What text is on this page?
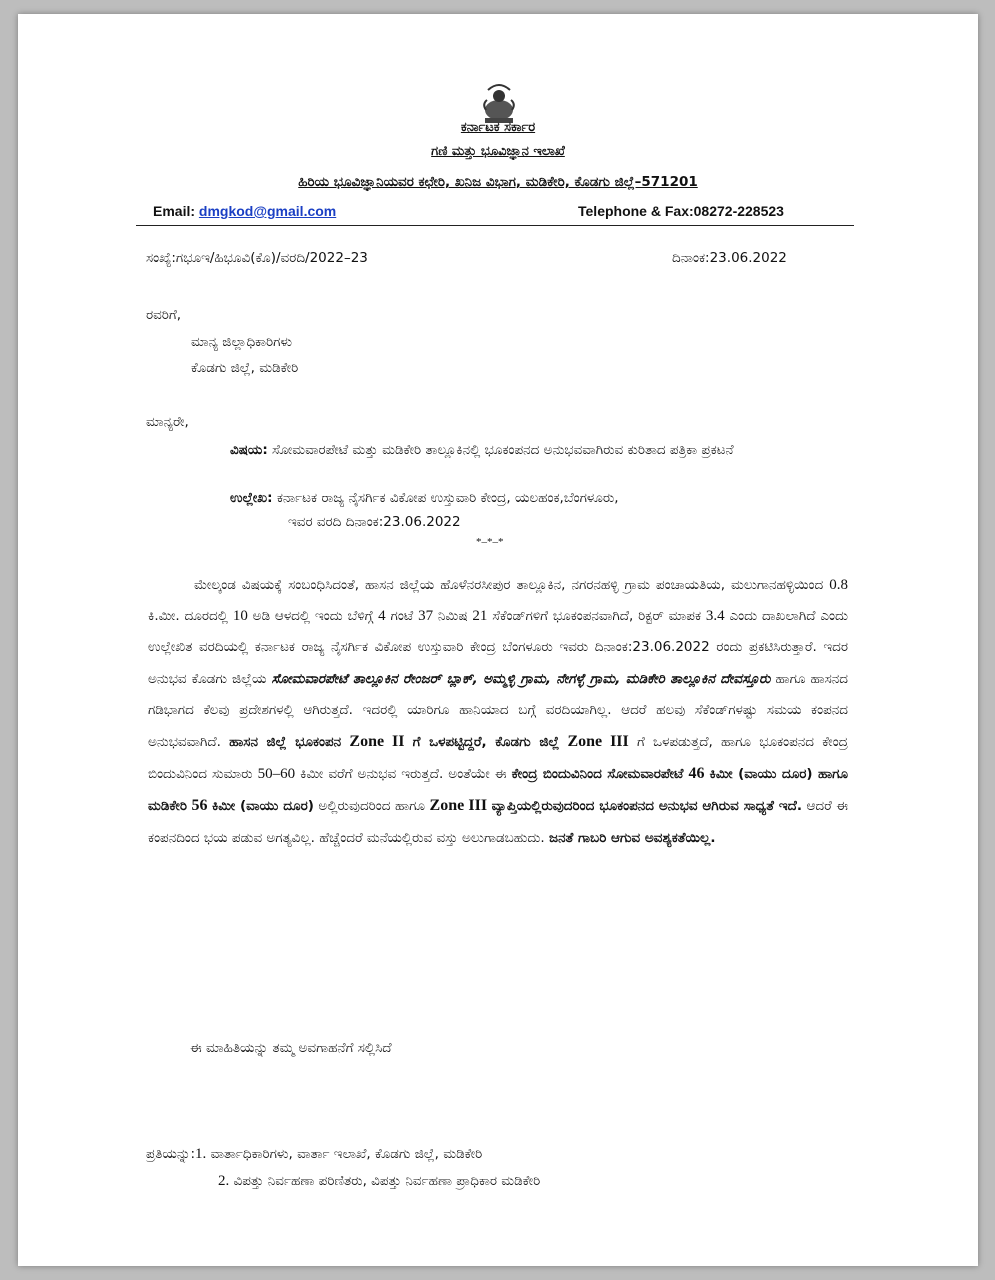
ಕರ್ನಾಟಕ ಸರ್ಕಾರ
ಗಣಿ ಮತ್ತು ಭೂವಿಜ್ಞಾನ ಇಲಾಖೆ
ಹಿರಿಯ ಭೂವಿಜ್ಞಾನಿಯವರ ಕಛೇರಿ, ಖನಿಜ ವಿಭಾಗ, ಮಡಿಕೇರಿ, ಕೊಡಗು ಜಿಲ್ಲೆ–571201
Email: dmgkod@gmail.com	Telephone & Fax:08272-228523
ಸಂಖ್ಯೆ:ಗಭೂಇ/ಹಿಭೂವಿ(ಕೊ)/ವರದಿ/2022–23	ದಿನಾಂಕ:23.06.2022
ರವರಿಗೆ,
ಮಾನ್ಯ ಜಿಲ್ಲಾಧಿಕಾರಿಗಳು
ಕೊಡಗು ಜಿಲ್ಲೆ, ಮಡಿಕೇರಿ
ಮಾನ್ಯರೇ,
ವಿಷಯ: ಸೋಮವಾರಪೇಟೆ ಮತ್ತು ಮಡಿಕೇರಿ ತಾಲ್ಲೂಕಿನಲ್ಲಿ ಭೂಕಂಪನದ ಅನುಭವವಾಗಿರುವ ಕುರಿತಾದ ಪತ್ರಿಕಾ ಪ್ರಕಟನೆ
ಉಲ್ಲೇಖ: ಕರ್ನಾಟಕ ರಾಜ್ಯ ನೈಸರ್ಗಿಕ ವಿಕೋಪ ಉಸ್ತುವಾರಿ ಕೇಂದ್ರ, ಯಲಹಂಕ,ಬೆಂಗಳೂರು,
ಇವರ ವರದಿ ದಿನಾಂಕ:23.06.2022
*–*–*
ಮೇಲ್ಕಂಡ ವಿಷಯಕ್ಕೆ ಸಂಬಂಧಿಸಿದಂತೆ, ಹಾಸನ ಜಿಲ್ಲೆಯ ಹೊಳೆನರಸೀಪುರ ತಾಲ್ಲೂಕಿನ, ನಗರನಹಳ್ಳಿ ಗ್ರಾಮ ಪಂಚಾಯತಿಯ, ಮಲುಗಾನಹಳ್ಳಿಯಿಂದ 0.8 ಕಿ.ಮೀ. ದೂರದಲ್ಲಿ 10 ಅಡಿ ಆಳದಲ್ಲಿ ಇಂದು ಬೆಳಿಗ್ಗೆ 4 ಗಂಟೆ 37 ನಿಮಿಷ 21 ಸೆಕೆಂಡ್‌ಗಳಿಗೆ ಭೂಕಂಪನವಾಗಿದೆ, ರಿಕ್ಟರ್ ಮಾಪಕ 3.4 ಎಂದು ದಾಖಲಾಗಿದೆ ಎಂದು ಉಲ್ಲೇಖಿತ ವರದಿಯಲ್ಲಿ ಕರ್ನಾಟಕ ರಾಜ್ಯ ನೈಸರ್ಗಿಕ ವಿಕೋಪ ಉಸ್ತುವಾರಿ ಕೇಂದ್ರ ಬೆಂಗಳೂರು ಇವರು ದಿನಾಂಕ:23.06.2022 ರಂದು ಪ್ರಕಟಿಸಿರುತ್ತಾರೆ. ಇದರ ಅನುಭವ ಕೊಡಗು ಜಿಲ್ಲೆಯ ಸೋಮವಾರಪೇಟೆ ತಾಲ್ಲೂಕಿನ ರೇಂಜರ್ ಬ್ಲಾಕ್, ಅಮ್ಮಳ್ಳಿ ಗ್ರಾಮ, ನೇಗಳ್ಳೆ ಗ್ರಾಮ, ಮಡಿಕೇರಿ ತಾಲ್ಲೂಕಿನ ದೇವಸ್ತೂರು ಹಾಗೂ ಹಾಸನದ ಗಡಿಭಾಗದ ಕೆಲವು ಪ್ರದೇಶಗಳಲ್ಲಿ ಆಗಿರುತ್ತದೆ. ಇದರಲ್ಲಿ ಯಾರಿಗೂ ಹಾನಿಯಾದ ಬಗ್ಗೆ ವರದಿಯಾಗಿಲ್ಲ. ಆದರೆ ಹಲವು ಸೆಕೆಂಡ್‌ಗಳಷ್ಟು ಸಮಯ ಕಂಪನದ ಅನುಭವವಾಗಿದೆ. ಹಾಸನ ಜಿಲ್ಲೆ ಭೂಕಂಪನ Zone II ಗೆ ಒಳಪಟ್ಟಿದ್ದರೆ, ಕೊಡಗು ಜಿಲ್ಲೆ Zone III ಗೆ ಒಳಪಡುತ್ತದೆ, ಹಾಗೂ ಭೂಕಂಪನದ ಕೇಂದ್ರ ಬಿಂದುವಿನಿಂದ ಸುಮಾರು 50–60 ಕಿಮೀ ವರೆಗೆ ಅನುಭವ ಇರುತ್ತದೆ. ಅಂತೆಯೇ ಈ ಕೇಂದ್ರ ಬಿಂದುವಿನಿಂದ ಸೋಮವಾರಪೇಟೆ 46 ಕಿಮೀ (ವಾಯು ದೂರ) ಹಾಗೂ ಮಡಿಕೇರಿ 56 ಕಿಮೀ (ವಾಯು ದೂರ) ಅಲ್ಲಿರುವುದರಿಂದ ಹಾಗೂ Zone III ವ್ಯಾಪ್ತಿಯಲ್ಲಿರುವುದರಿಂದ ಭೂಕಂಪನದ ಅನುಭವ ಆಗಿರುವ ಸಾಧ್ಯತೆ ಇದೆ. ಆದರೆ ಈ ಕಂಪನದಿಂದ ಭಯ ಪಡುವ ಅಗತ್ಯವಿಲ್ಲ. ಹೆಚ್ಚೆಂದರೆ ಮನೆಯಲ್ಲಿರುವ ವಸ್ತು ಅಲುಗಾಡಬಹುದು. ಜನತೆ ಗಾಬರಿ ಆಗುವ ಅವಶ್ಯಕತೆಯಿಲ್ಲ.
ಈ ಮಾಹಿತಿಯನ್ನು ತಮ್ಮ ಅವಗಾಹನೆಗೆ ಸಲ್ಲಿಸಿದೆ
ಪ್ರತಿಯನ್ನು:1. ವಾರ್ತಾಧಿಕಾರಿಗಳು, ವಾರ್ತಾ ಇಲಾಖೆ, ಕೊಡಗು ಜಿಲ್ಲೆ, ಮಡಿಕೇರಿ
2. ವಿಪತ್ತು ನಿರ್ವಹಣಾ ಪರಿಣಿತರು, ವಿಪತ್ತು ನಿರ್ವಹಣಾ ಪ್ರಾಧಿಕಾರ ಮಡಿಕೇರಿ
